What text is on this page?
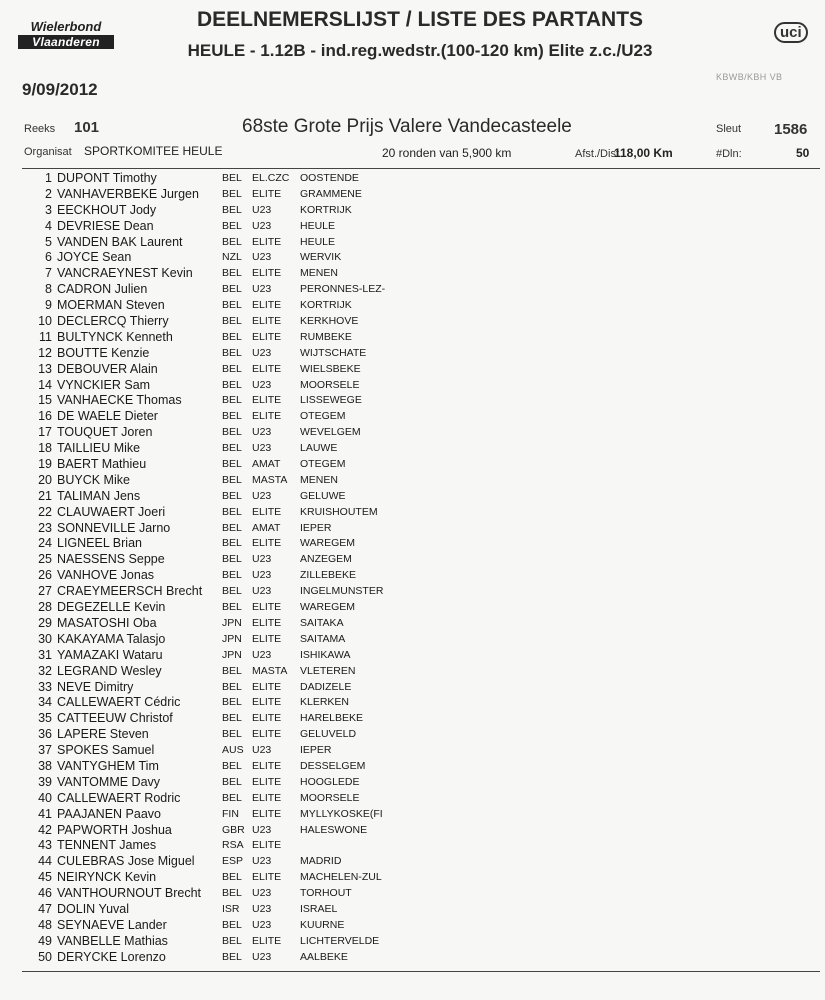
Wielerbond
Vlaanderen
DEELNEMERSLIJST / LISTE DES PARTANTS
HEULE - 1.12B - ind.reg.wedstr.(100-120 km) Elite z.c./U23
uci
9/09/2012
KBWB/KBH VB
Reeks 101	68ste Grote Prijs Valere Vandecasteele	Sleut 1586
Organisat SPORTKOMITEE HEULE	20 ronden van 5,900 km	Afst./Dist
118,00 Km	#Dln:	50
1 DUPONT Timothy	BEL EL.CZC	OOSTENDE
2 VANHAVERBEKE Jurgen	BEL ELITE	GRAMMENE
3 EECKHOUT Jody	BEL U23	KORTRIJK
4 DEVRIESE Dean	BEL U23	HEULE
5 VANDEN BAK Laurent	BEL ELITE	HEULE
6 JOYCE Sean	NZL U23	WERVIK
7 VANCRAEYNEST Kevin	BEL ELITE	MENEN
8 CADRON Julien	BEL U23	PERONNES-LEZ-
9 MOERMAN Steven	BEL ELITE	KORTRIJK
10 DECLERCQ Thierry	BEL ELITE	KERKHOVE
11 BULTYNCK Kenneth	BEL ELITE	RUMBEKE
12 BOUTTE Kenzie	BEL U23	WIJTSCHATE
13 DEBOUVER Alain	BEL ELITE	WIELSBEKE
14 VYNCKIER Sam	BEL U23	MOORSELE
15 VANHAECKE Thomas	BEL ELITE	LISSEWEGE
16 DE WAELE Dieter	BEL ELITE	OTEGEM
17 TOUQUET Joren	BEL U23	WEVELGEM
18 TAILLIEU Mike	BEL U23	LAUWE
19 BAERT Mathieu	BEL AMAT	OTEGEM
20 BUYCK Mike	BEL MASTA	MENEN
21 TALIMAN Jens	BEL U23	GELUWE
22 CLAUWAERT Joeri	BEL ELITE	KRUISHOUTEM
23 SONNEVILLE Jarno	BEL AMAT	IEPER
24 LIGNEEL Brian	BEL ELITE	WAREGEM
25 NAESSENS Seppe	BEL U23	ANZEGEM
26 VANHOVE Jonas	BEL U23	ZILLEBEKE
27 CRAEYMEERSCH Brecht	BEL U23	INGELMUNSTER
28 DEGEZELLE Kevin	BEL ELITE	WAREGEM
29 MASATOSHI Oba	JPN ELITE	SAITAKA
30 KAKAYAMA Talasjo	JPN ELITE	SAITAMA
31 YAMAZAKI Wataru	JPN U23	ISHIKAWA
32 LEGRAND Wesley	BEL MASTA	VLETEREN
33 NEVE Dimitry	BEL ELITE	DADIZELE
34 CALLEWAERT Cédric	BEL ELITE	KLERKEN
35 CATTEEUW Christof	BEL ELITE	HARELBEKE
36 LAPERE Steven	BEL ELITE	GELUVELD
37 SPOKES Samuel	AUS U23	IEPER
38 VANTYGHEM Tim	BEL ELITE	DESSELGEM
39 VANTOMME Davy	BEL ELITE	HOOGLEDE
40 CALLEWAERT Rodric	BEL ELITE	MOORSELE
41 PAAJANEN Paavo	FIN ELITE	MYLLYKOSKE(FI
42 PAPWORTH Joshua	GBR U23	HALESWONE
43 TENNENT James	RSA ELITE
44 CULEBRAS Jose Miguel	ESP U23	MADRID
45 NEIRYNCK Kevin	BEL ELITE	MACHELEN-ZUL
46 VANTHOURNOUT Brecht	BEL U23	TORHOUT
47 DOLIN Yuval	ISR U23	ISRAEL
48 SEYNAEVE Lander	BEL U23	KUURNE
49 VANBELLE Mathias	BEL ELITE	LICHTERVELDE
50 DERYCKE Lorenzo	BEL U23	AALBEKE
